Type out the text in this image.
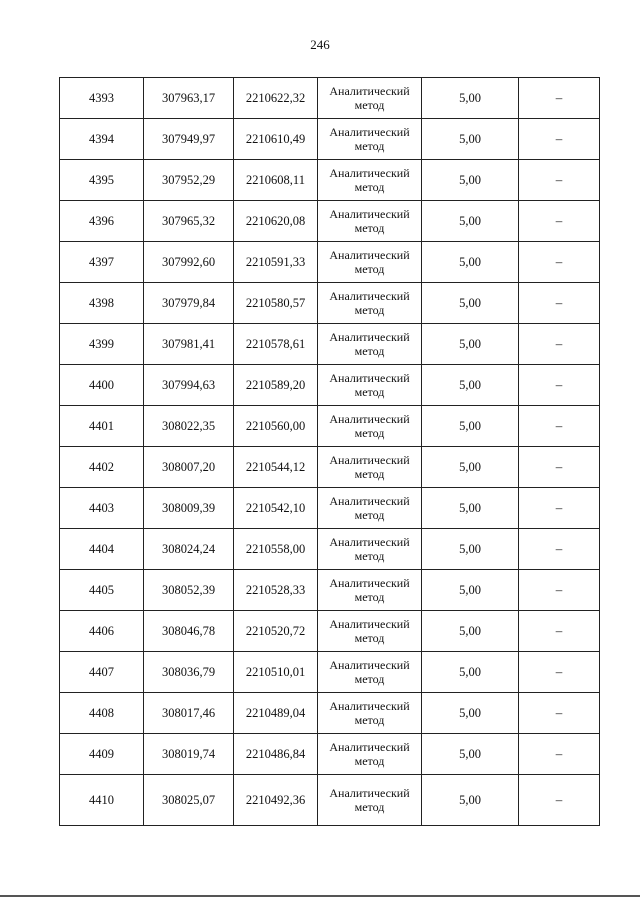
246
4393	307963,17	2210622,32	Аналитический метод	5,00	–
4394	307949,97	2210610,49	Аналитический метод	5,00	–
4395	307952,29	2210608,11	Аналитический метод	5,00	–
4396	307965,32	2210620,08	Аналитический метод	5,00	–
4397	307992,60	2210591,33	Аналитический метод	5,00	–
4398	307979,84	2210580,57	Аналитический метод	5,00	–
4399	307981,41	2210578,61	Аналитический метод	5,00	–
4400	307994,63	2210589,20	Аналитический метод	5,00	–
4401	308022,35	2210560,00	Аналитический метод	5,00	–
4402	308007,20	2210544,12	Аналитический метод	5,00	–
4403	308009,39	2210542,10	Аналитический метод	5,00	–
4404	308024,24	2210558,00	Аналитический метод	5,00	–
4405	308052,39	2210528,33	Аналитический метод	5,00	–
4406	308046,78	2210520,72	Аналитический метод	5,00	–
4407	308036,79	2210510,01	Аналитический метод	5,00	–
4408	308017,46	2210489,04	Аналитический метод	5,00	–
4409	308019,74	2210486,84	Аналитический метод	5,00	–
4410	308025,07	2210492,36	Аналитический метод	5,00	–
